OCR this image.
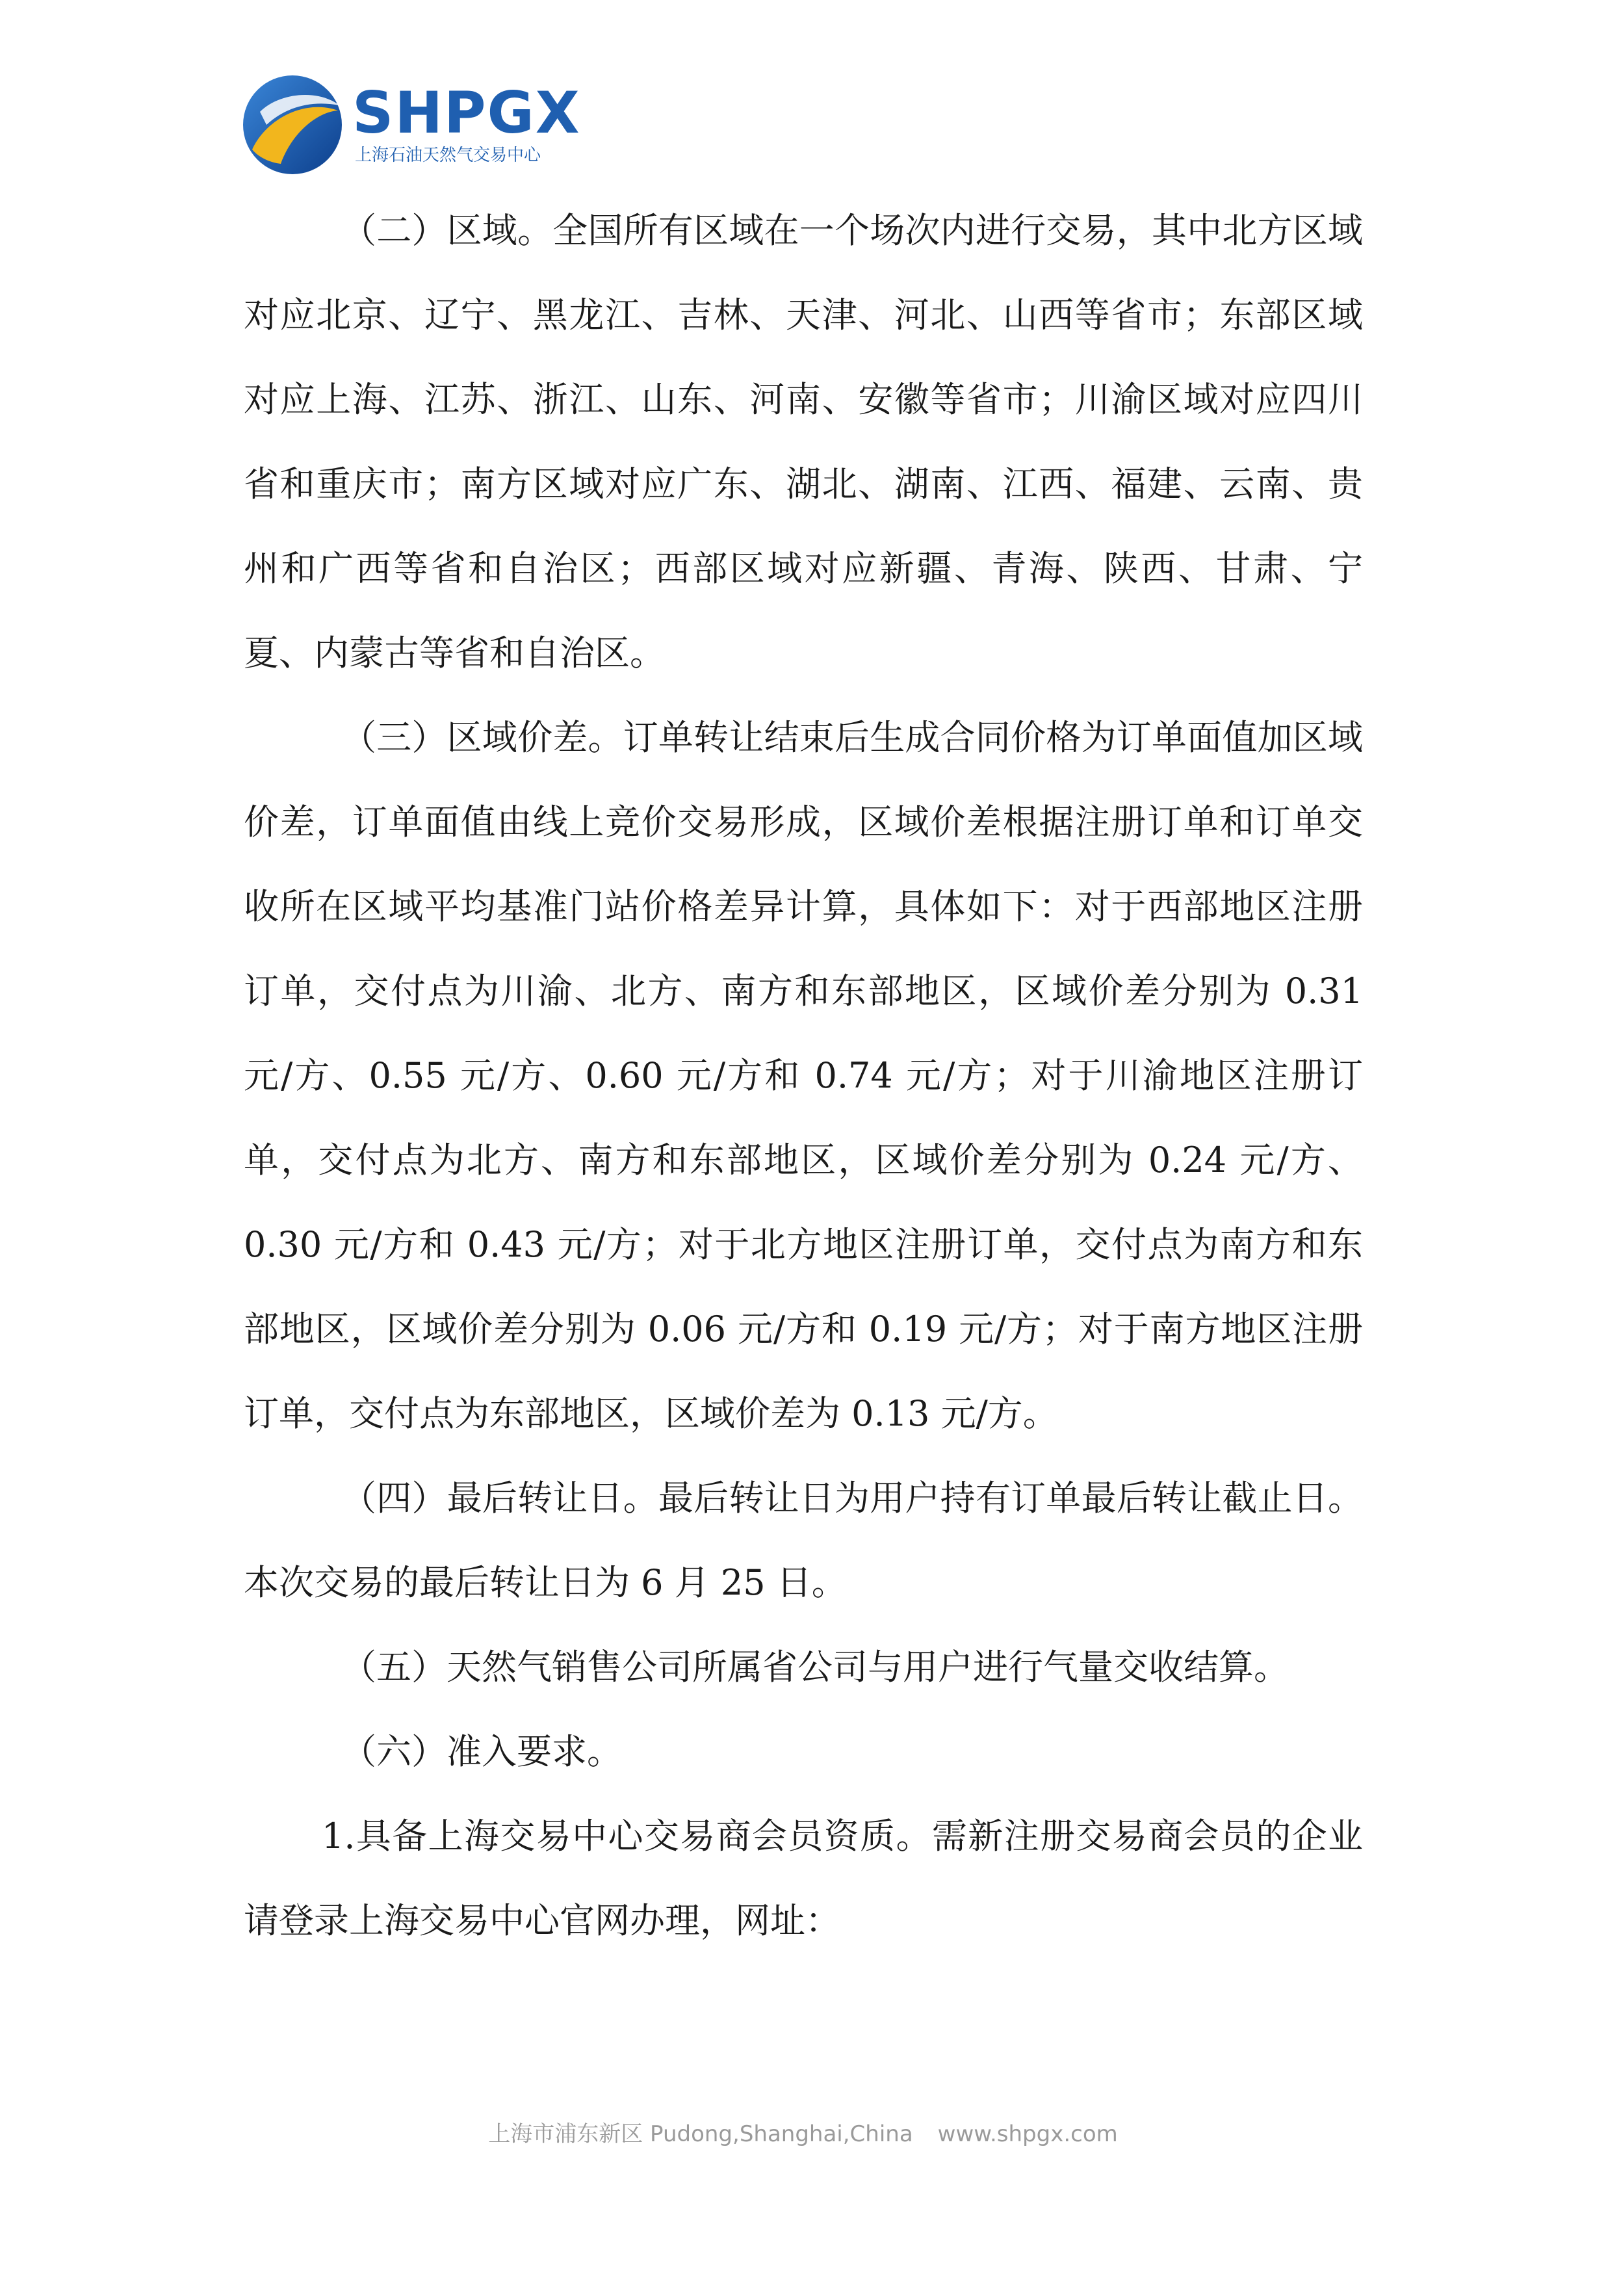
SHPGX
上海石油天然气交易中心

（二）区域。全国所有区域在一个场次内进行交易，其中北方区域对应北京、辽宁、黑龙江、吉林、天津、河北、山西等省市；东部区域对应上海、江苏、浙江、山东、河南、安徽等省市；川渝区域对应四川省和重庆市；南方区域对应广东、湖北、湖南、江西、福建、云南、贵州和广西等省和自治区；西部区域对应新疆、青海、陕西、甘肃、宁夏、内蒙古等省和自治区。

（三）区域价差。订单转让结束后生成合同价格为订单面值加区域价差，订单面值由线上竞价交易形成，区域价差根据注册订单和订单交收所在区域平均基准门站价格差异计算，具体如下：对于西部地区注册订单，交付点为川渝、北方、南方和东部地区，区域价差分别为 0.31 元/方、0.55 元/方、0.60 元/方和 0.74 元/方；对于川渝地区注册订单，交付点为北方、南方和东部地区，区域价差分别为 0.24 元/方、0.30 元/方和 0.43 元/方；对于北方地区注册订单，交付点为南方和东部地区，区域价差分别为 0.06 元/方和 0.19 元/方；对于南方地区注册订单，交付点为东部地区，区域价差为 0.13 元/方。

（四）最后转让日。最后转让日为用户持有订单最后转让截止日。本次交易的最后转让日为 6 月 25 日。

（五）天然气销售公司所属省公司与用户进行气量交收结算。

（六）准入要求。

1.具备上海交易中心交易商会员资质。需新注册交易商会员的企业请登录上海交易中心官网办理，网址：

上海市浦东新区 Pudong,Shanghai,China www.shpgx.com
